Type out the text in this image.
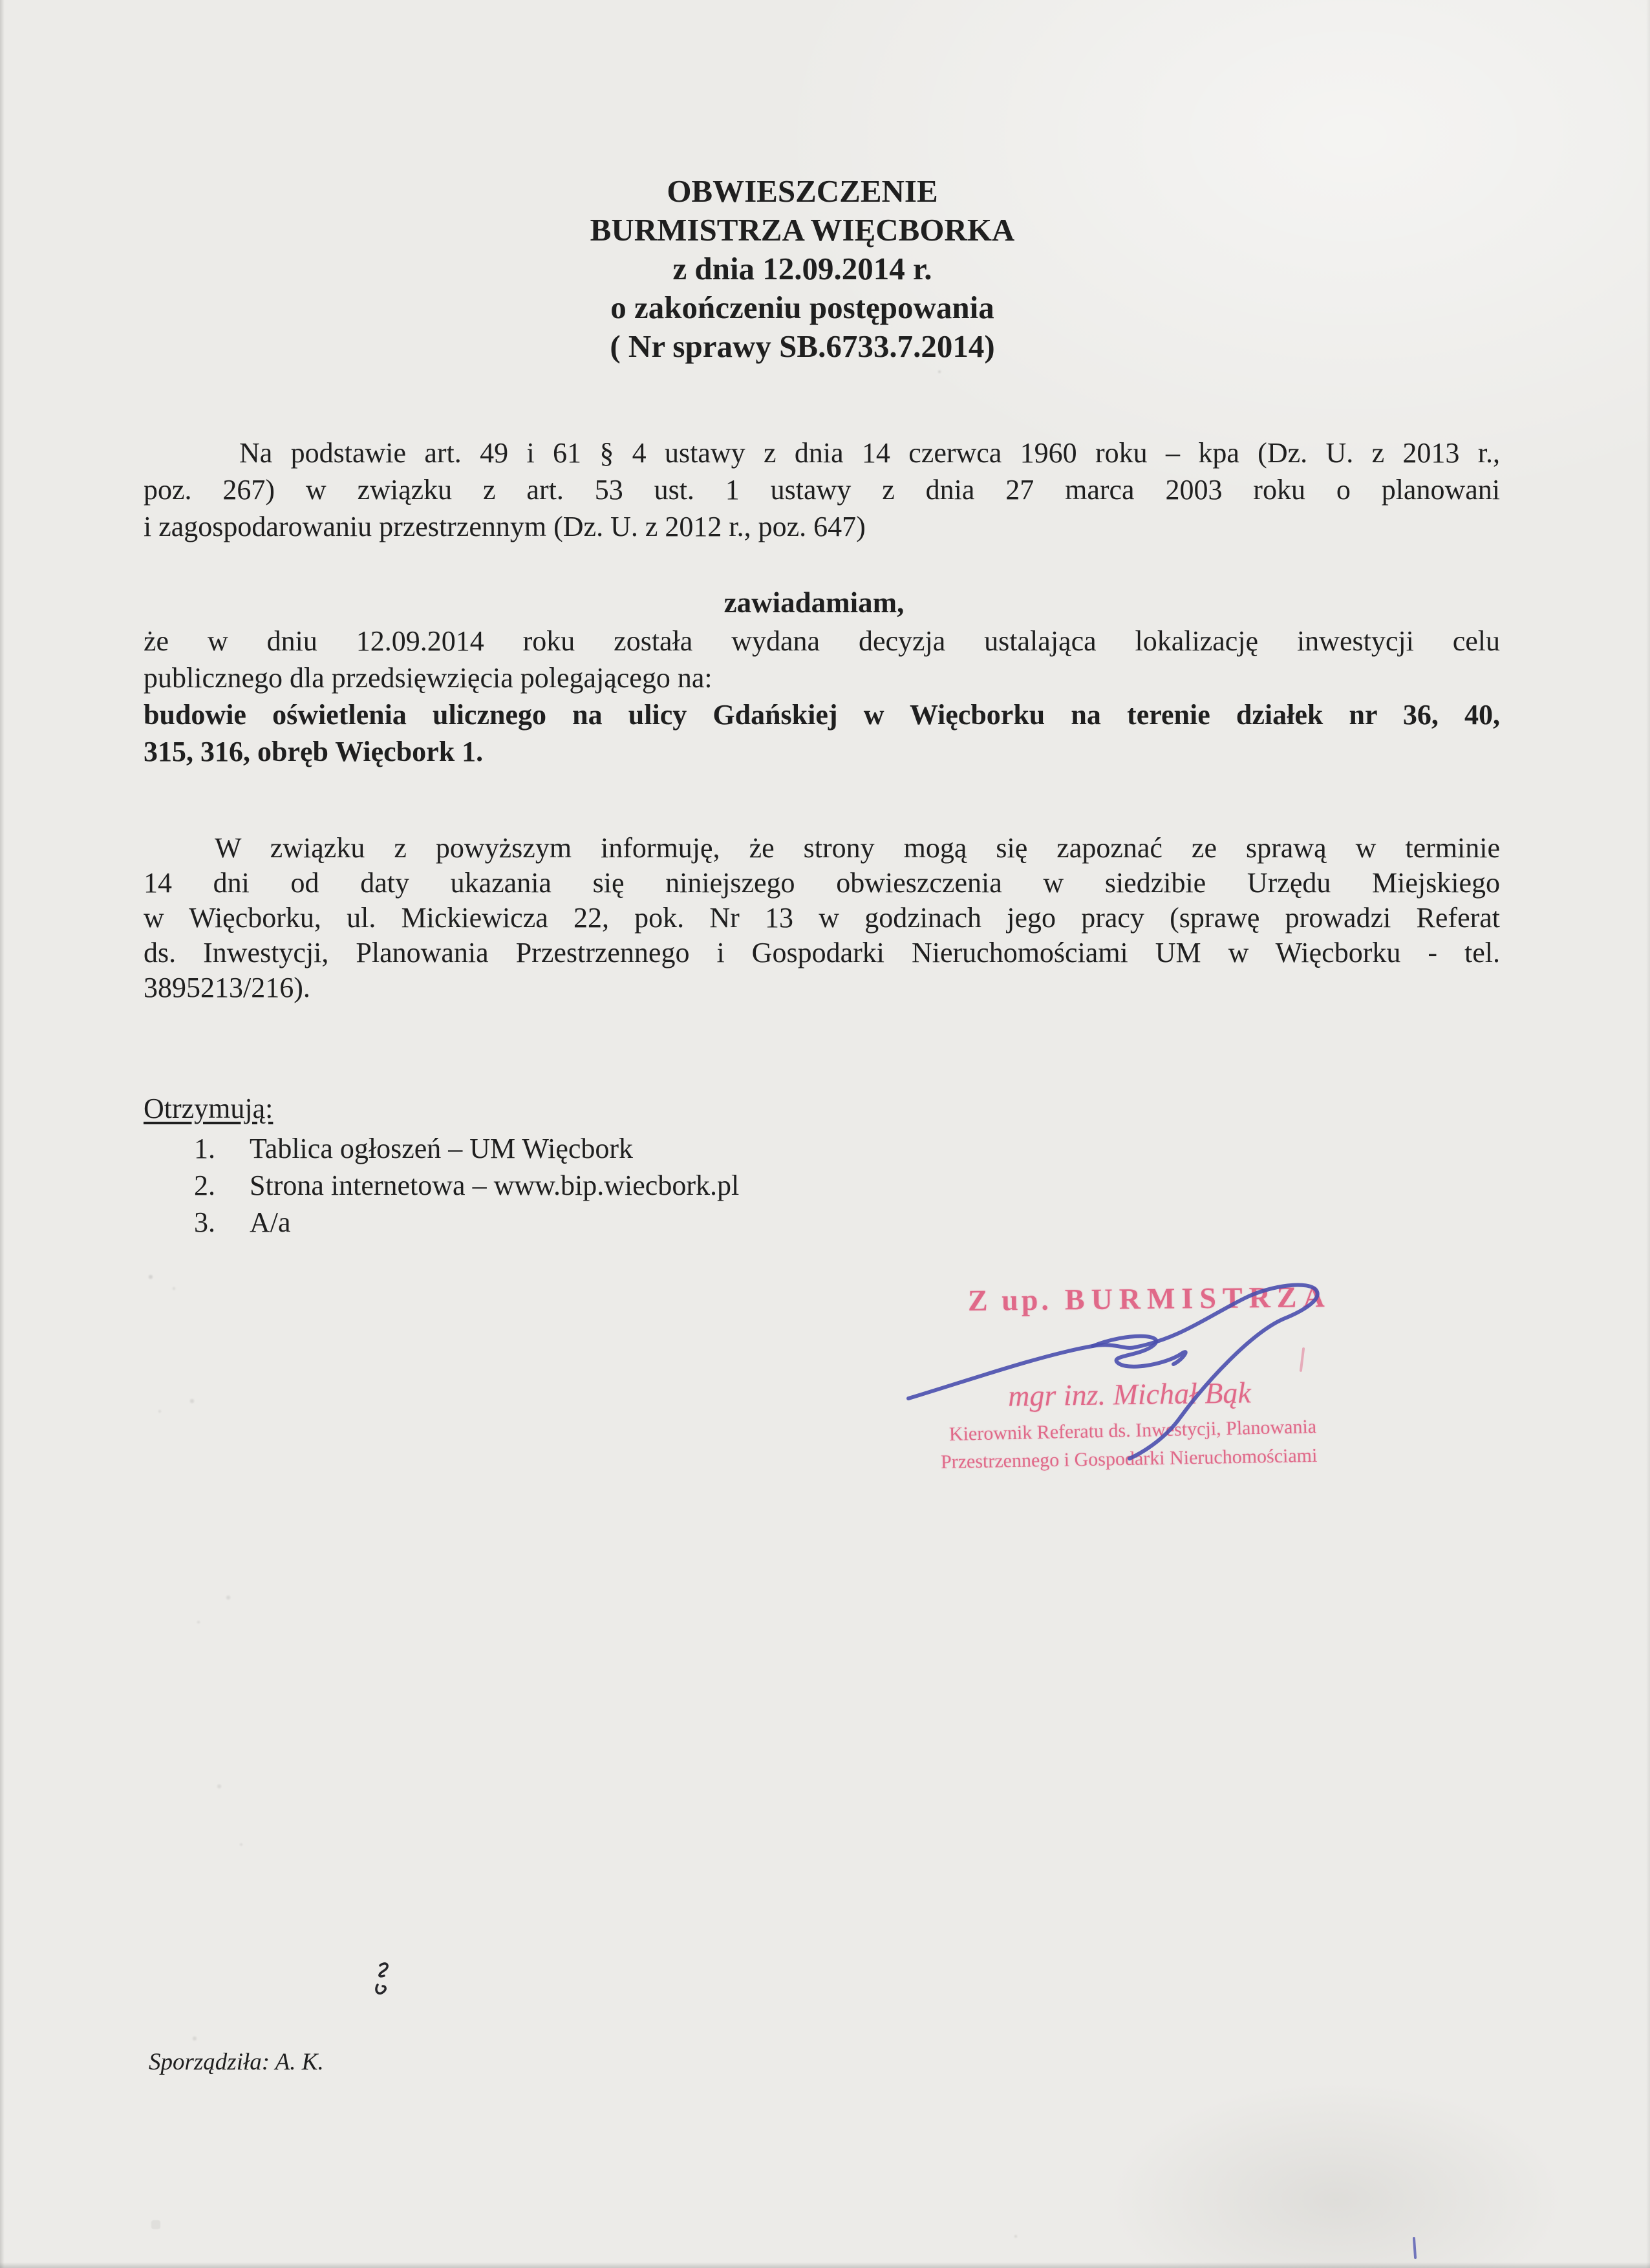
OBWIESZCZENIE
BURMISTRZA WIĘCBORKA
z dnia 12.09.2014 r.
o zakończeniu postępowania
( Nr sprawy SB.6733.7.2014)
Na podstawie art. 49 i 61 § 4 ustawy z dnia 14 czerwca 1960 roku – kpa (Dz. U. z 2013 r.,
poz. 267) w związku z art. 53 ust. 1 ustawy z dnia 27 marca 2003 roku o planowani
i zagospodarowaniu przestrzennym (Dz. U. z 2012 r., poz. 647)
zawiadamiam,
że w dniu 12.09.2014 roku została wydana decyzja ustalająca lokalizację inwestycji celu
publicznego dla przedsięwzięcia polegającego na:
budowie oświetlenia ulicznego na ulicy Gdańskiej w Więcborku na terenie działek nr 36, 40,
315, 316, obręb Więcbork 1.
W związku z powyższym informuję, że strony mogą się zapoznać ze sprawą w terminie
14 dni od daty ukazania się niniejszego obwieszczenia w siedzibie Urzędu Miejskiego
w Więcborku, ul. Mickiewicza 22, pok. Nr 13 w godzinach jego pracy (sprawę prowadzi Referat
ds. Inwestycji, Planowania Przestrzennego i Gospodarki Nieruchomościami UM w Więcborku - tel.
3895213/216).
Otrzymują:
1. Tablica ogłoszeń – UM Więcbork
2. Strona internetowa – www.bip.wiecbork.pl
3. A/a
Z up. BURMISTRZA
mgr inz. Michał Bąk
Kierownik Referatu ds. Inwestycji, Planowania
Przestrzennego i Gospodarki Nieruchomościami
Sporządziła: A. K.
